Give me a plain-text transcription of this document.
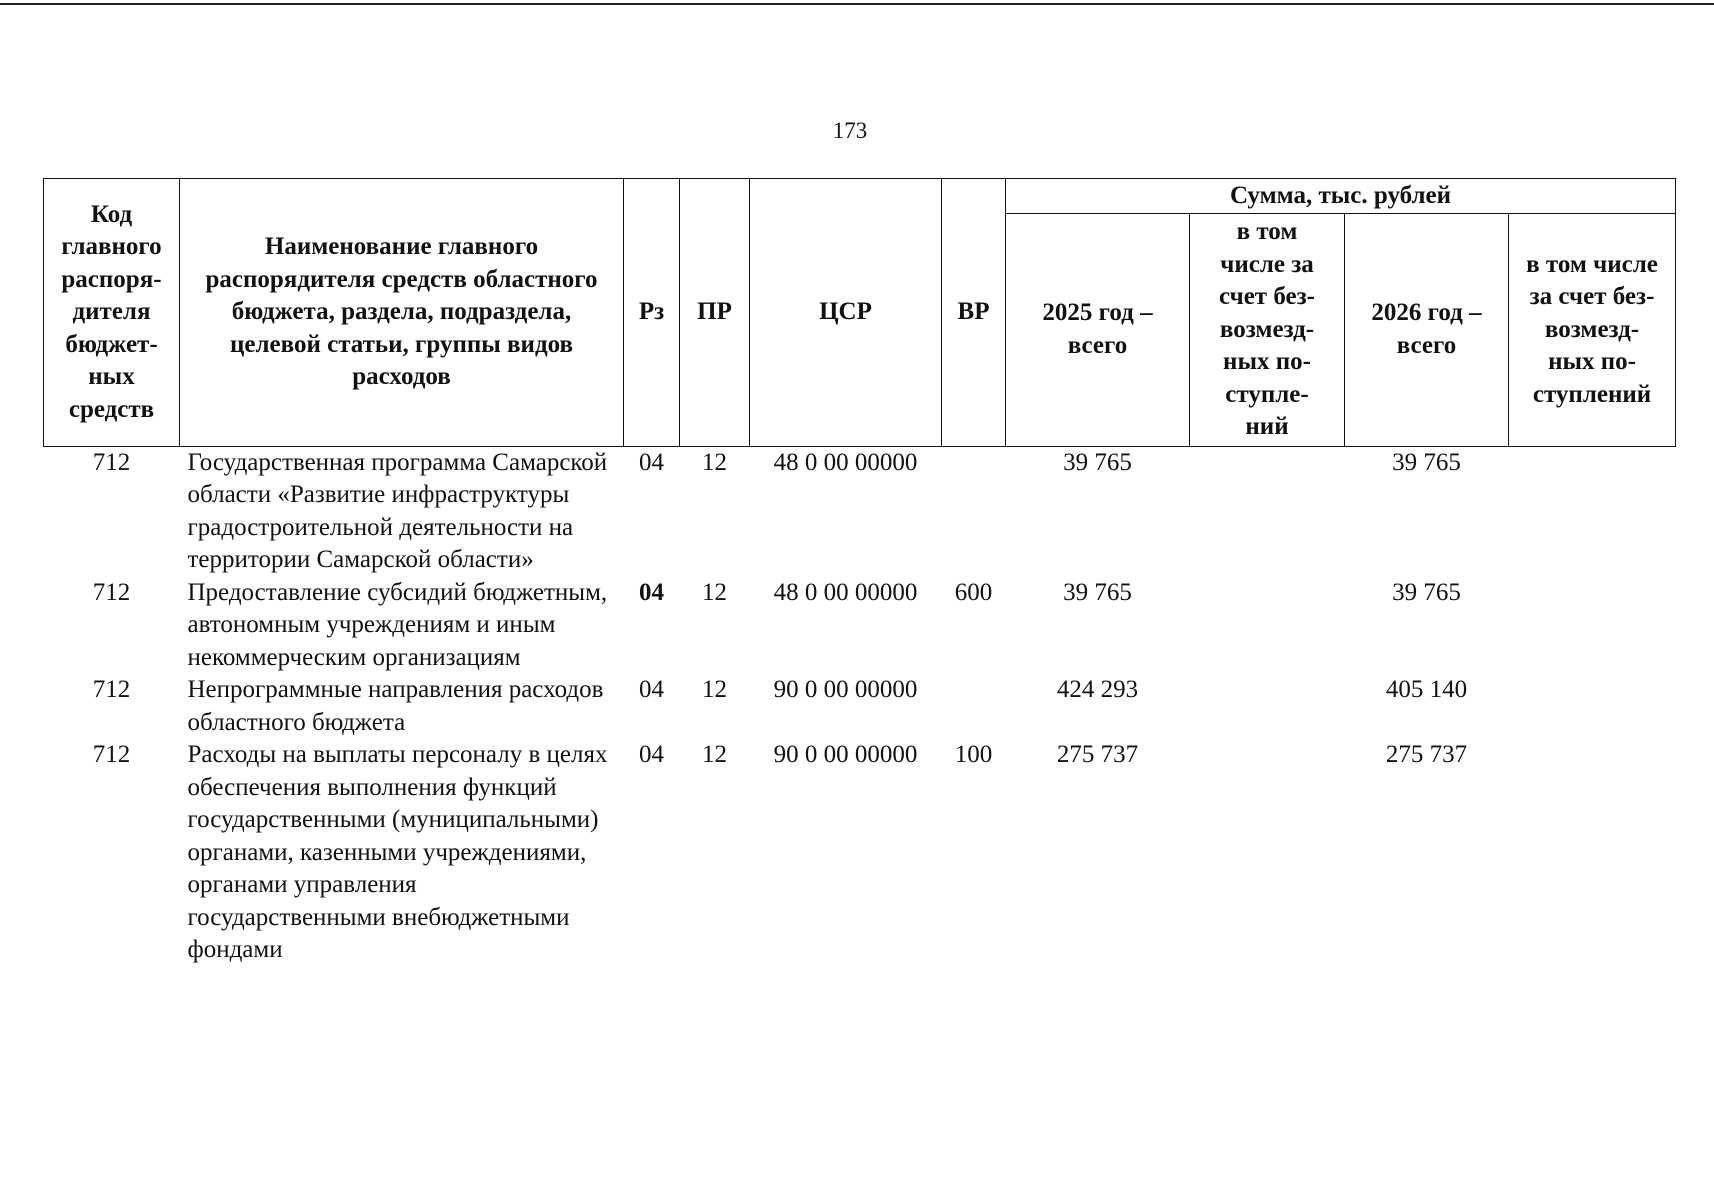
173
Код главного распоря-дителя бюджет-ных средств	Наименование главного распорядителя средств областного бюджета, раздела, подраздела, целевой статьи, группы видов расходов	Рз	ПР	ЦСР	ВР	Сумма, тыс. рублей			
						2025 год – всего	в том числе за счет без-возмезд-ных по-ступле-ний	2026 год – всего	в том числе за счет без-возмезд-ных по-ступлений
712	Государственная программа Самарской области «Развитие инфраструктуры градостроительной деятельности на территории Самарской области»	04	12	48 0 00 00000		39 765		39 765	
712	Предоставление субсидий бюджетным, автономным учреждениям и иным некоммерческим организациям	04	12	48 0 00 00000	600	39 765		39 765	
712	Непрограммные направления расходов областного бюджета	04	12	90 0 00 00000		424 293		405 140	
712	Расходы на выплаты персоналу в целях обеспечения выполнения функций государственными (муниципальными) органами, казенными учреждениями, органами управления государственными внебюджетными фондами	04	12	90 0 00 00000	100	275 737		275 737	
